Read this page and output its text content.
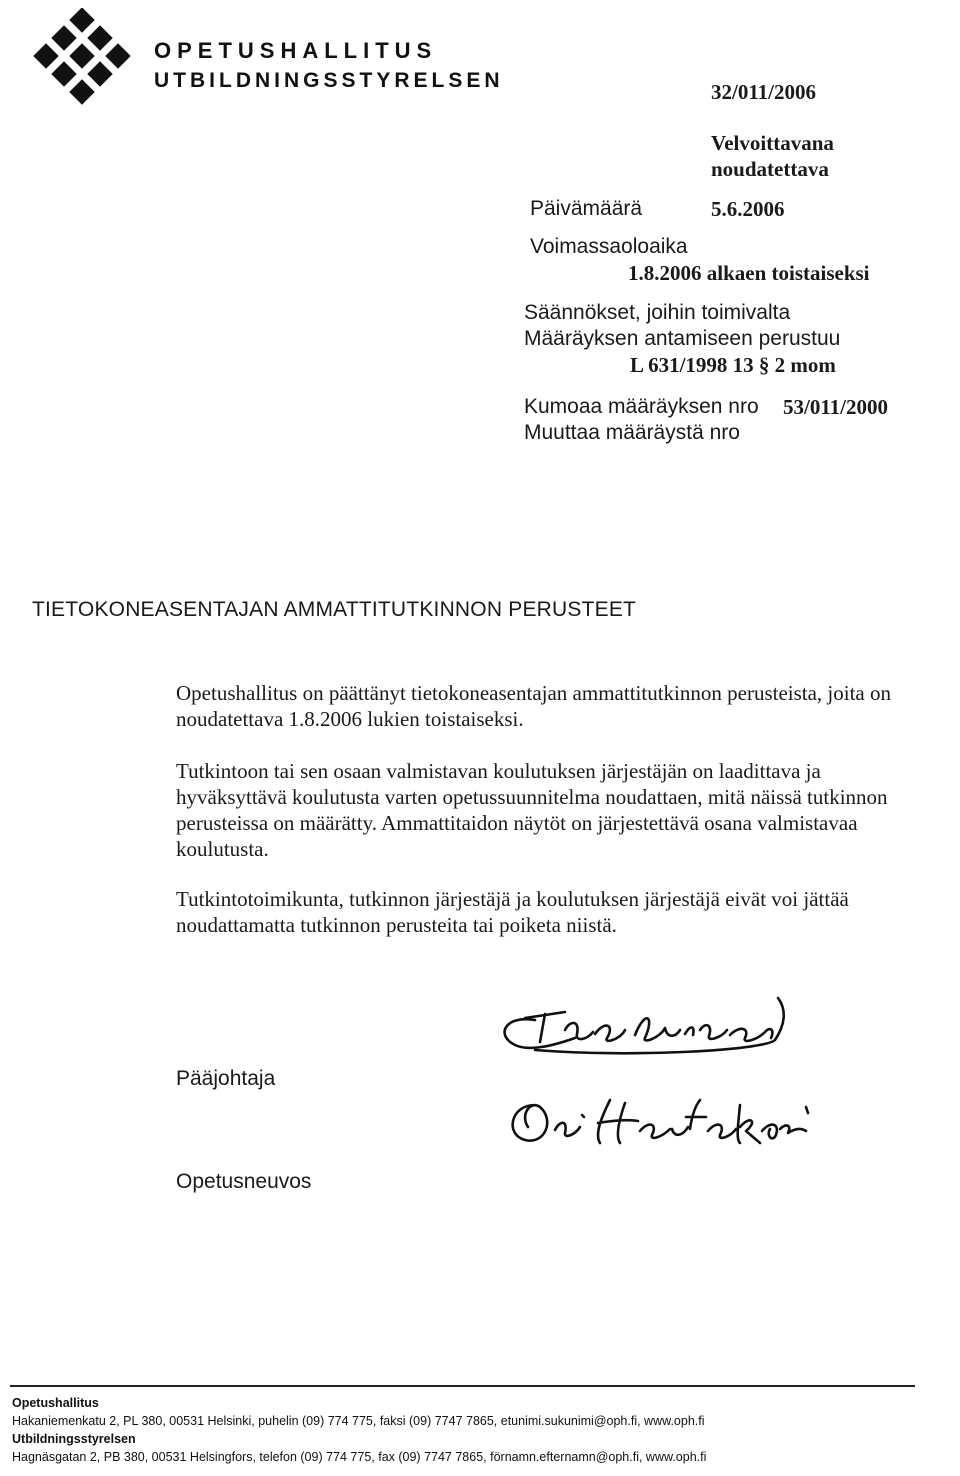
OPETUSHALLITUS
UTBILDNINGSSTYRELSEN	32/011/2006
Velvoittavana
noudatettava
Päivämäärä	5.6.2006
Voimassaoloaika
1.8.2006 alkaen toistaiseksi
Säännökset, joihin toimivalta
Määräyksen antamiseen perustuu
L 631/1998 13 § 2 mom
Kumoaa määräyksen nro 53/011/2000
Muuttaa määräystä nro
TIETOKONEASENTAJAN AMMATTITUTKINNON PERUSTEET
Opetushallitus on päättänyt tietokoneasentajan ammattitutkinnon perusteista, joita on noudatettava 1.8.2006 lukien toistaiseksi.
Tutkintoon tai sen osaan valmistavan koulutuksen järjestäjän on laadittava ja hyväksyttävä koulutusta varten opetussuunnitelma noudattaen, mitä näissä tutkinnon perusteissa on määrätty. Ammattitaidon näytöt on järjestettävä osana valmistavaa koulutusta.
Tutkintotoimikunta, tutkinnon järjestäjä ja koulutuksen järjestäjä eivät voi jättää noudattamatta tutkinnon perusteita tai poiketa niistä.
Pääjohtaja
Opetusneuvos
Opetushallitus
Hakaniemenkatu 2, PL 380, 00531 Helsinki, puhelin (09) 774 775, faksi (09) 7747 7865, etunimi.sukunimi@oph.fi, www.oph.fi
Utbildningsstyrelsen
Hagnäsgatan 2, PB 380, 00531 Helsingfors, telefon (09) 774 775, fax (09) 7747 7865, förnamn.efternamn@oph.fi, www.oph.fi
